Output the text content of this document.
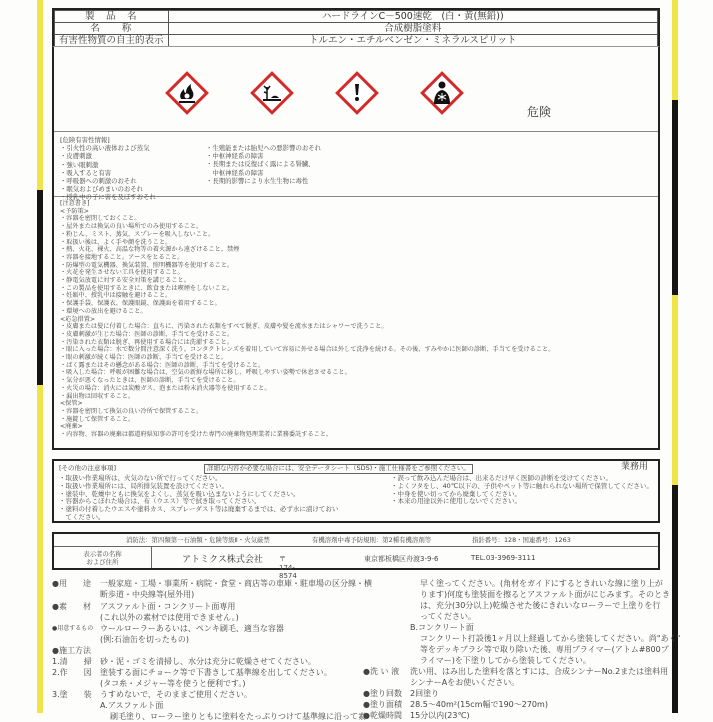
製　品　名	ハードラインC－500速乾　(白・黄(無鉛))
名　　称	合成樹脂塗料
有害性物質の自主的表示	トルエン・エチルベンゼン・ミネラルスピリット
危険
[危険有害性情報]
・引火性の高い液体および蒸気
・皮膚刺激
・強い眼刺激
・吸入すると有害
・呼吸器への刺激のおそれ
・眠気およびめまいのおそれ
・授乳中の子に害を及ぼすおそれ
・生殖能または胎児への悪影響のおそれ
・中枢神経系の障害
・長期または反復ばく露による腎臓、
　中枢神経系の障害
・長期的影響により水生生物に毒性
[注意書き]
<予防策>
・容器を密閉しておくこと。
・屋外または換気の良い場所でのみ使用すること。
・粉じん、ミスト、蒸気、スプレーを吸入しないこと。
・取扱い後は、よく手や顔を洗うこと。
・熱、火花、裸火、高温な物等の着火源から遠ざけること。禁煙
・容器を接地すること。アースをとること。
・防爆型の電気機器、換気装置、照明機器等を使用すること。
・火花を発生させない工具を使用すること。
・静電気放電に対する安全対策を講じること。
・この製品を使用するときに、飲食または喫煙をしないこと。
・妊娠中、授乳中は接触を避けること。
・保護手袋、保護衣、保護眼鏡、保護面を着用すること。
・環境への放出を避けること。
<応急措置>
・皮膚または髪に付着した場合：直ちに、汚染された衣類をすべて脱ぎ、皮膚や髪を流水またはシャワーで洗うこと。
・皮膚刺激が生じた場合：医師の診断、手当てを受けること。
・汚染された衣類は脱ぎ、再使用する場合には洗濯すること。
・眼に入った場合：水で数分間注意深く洗う。コンタクトレンズを着用していて容易に外せる場合は外して洗浄を続ける。その後、すみやかに医師の診断、手当てを受けること。
・眼の刺激が続く場合：医師の診断、手当てを受けること。
・ばく露またはその懸念がある場合：医師の診断、手当てを受けること。
・吸入した場合：呼吸が困難な場合は、空気の新鮮な場所に移し、呼吸しやすい姿勢で休息させること。
・気分が悪くなったときは、医師の診断、手当てを受けること。
・火災の場合：消火には炭酸ガス、泡または粉末消火器等を使用すること。
・漏出物は回収すること。
<保管>
・容器を密閉して換気の良い冷所で保管すること。
・施錠して保管すること。
<廃棄>
・内容物、容器の廃棄は都道府県知事の許可を受けた専門の廃棄物処理業者に業務委託すること。
[その他の注意事項]	詳細な内容が必要な場合には、安全データシート（SDS)・施工仕様書をご参照ください。	業務用
・取扱い作業場所は、火気のない所で行ってください。
・取扱い作業場所には、局所排気装置を設けてください。
・塗装中、乾燥中ともに換気をよくし、蒸気を吸い込まないようにしてください。
・容器からこぼれた場合は、布（ウエス）等で拭き取ってください。
・塗料の付着したウエスや塗料カス、スプレーダスト等は廃棄するまでは、必ず水に漬けておい
　てください。
・誤って飲み込んだ場合は、出来るだけ早く医師の診断を受けてください。
・よくフタをし、40℃以下の、子供やペット等に触れられない場所で保管してください。
・中身を使い切ってから廃棄してください。
・本来の用途以外に使用しないでください。
消防法：第四類第一石油類・危険等級Ⅱ・火気厳禁	有機溶剤中毒予防規則：第2種有機溶剤等	指針番号：128・国連番号：1263
表示者の名称
および住所	アトミクス株式会社 〒174-8574
東京都板橋区舟渡3-9-6	TEL.03-3969-3111
●用　　途 一般家庭・工場・事業所・病院・食堂・商店等の車庫・駐車場の区分線・横
断歩道・中央線等(屋外用)
●素　　材 アスファルト面・コンクリート面専用
(これ以外の素材では使用できません。)
●用意するもの ウールローラーあるいは、ペンキ刷毛、適当な容器
(例:石油缶を切ったもの)
●施工方法
1.清　　掃 砂・泥・ゴミを清掃し、水分は充分に乾燥させてください。
2.作　　図 塗装する面にチョーク等で下書きして基準線を出してください。
(タコ糸・メジャー等を使うと便利です。)
3.塗　　装 うすめないで、そのままご使用ください。
A.アスファルト面
刷毛塗り、ローラー塗りともに塗料をたっぷりつけて基準線に沿って素
早く塗ってください。(角材をガイドにするときれいな線に塗り上が
ります)何度も塗装面を擦るとアスファルト面がにじみます。そのとき
は、充分(30分以上)乾燥させた後にきれいなローラーで上塗りを行
ってください。
B.コンクリート面
コンクリート打設後1ヶ月以上経過してから塗装してください。尚"あく"
等をデッキブラシ等で取り除いた後、専用プライマー(アトム#800プ
ライマー)を下塗りしてから塗装してください。
●洗 い 液 洗い用、はみ出した塗料を落とすには、合成シンナーNo.2または塗料用
シンナーAをお使いください。
●塗り回数 2回塗り
●塗り面積 28.5～40m²(15cm幅で190～270m)
●乾燥時間 15分以内(23℃)
